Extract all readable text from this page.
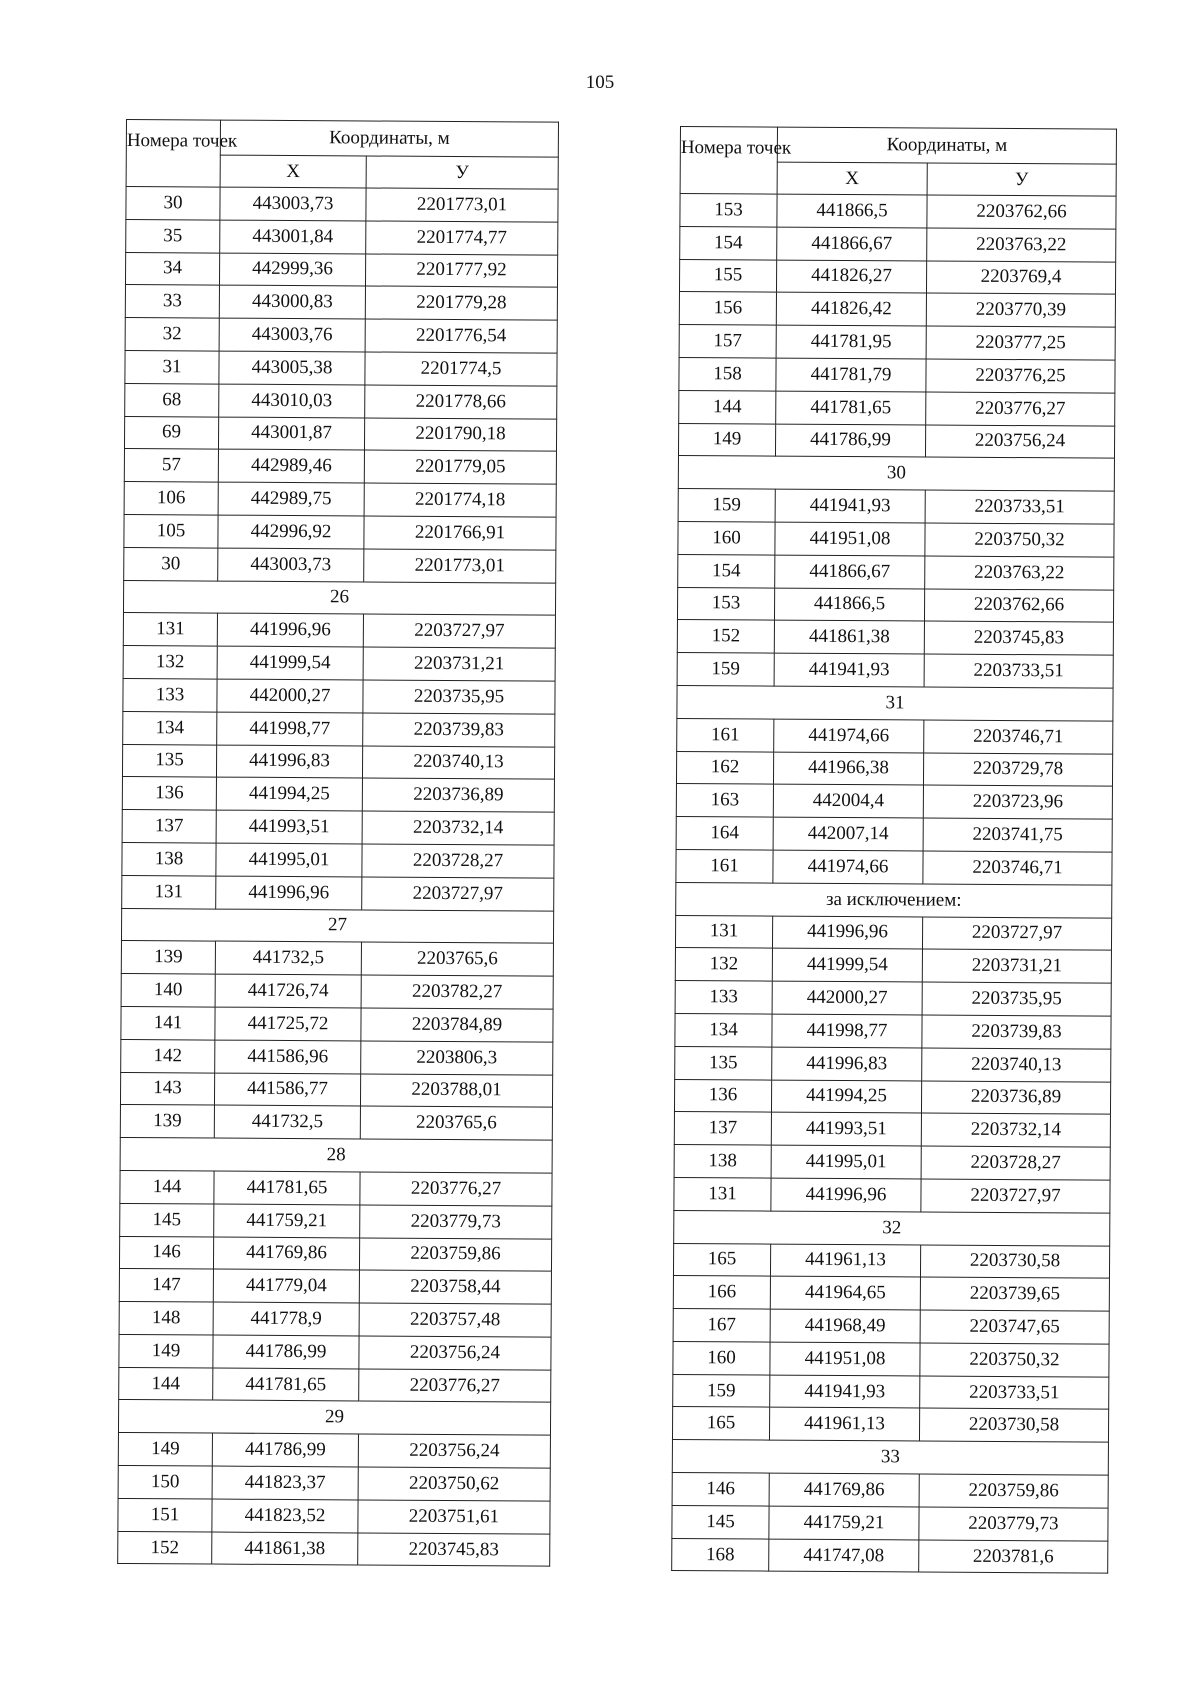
105
Номера точек	Координаты, м	
	X	У
30	443003,73	2201773,01
35	443001,84	2201774,77
34	442999,36	2201777,92
33	443000,83	2201779,28
32	443003,76	2201776,54
31	443005,38	2201774,5
68	443010,03	2201778,66
69	443001,87	2201790,18
57	442989,46	2201779,05
106	442989,75	2201774,18
105	442996,92	2201766,91
30	443003,73	2201773,01
26		
131	441996,96	2203727,97
132	441999,54	2203731,21
133	442000,27	2203735,95
134	441998,77	2203739,83
135	441996,83	2203740,13
136	441994,25	2203736,89
137	441993,51	2203732,14
138	441995,01	2203728,27
131	441996,96	2203727,97
27		
139	441732,5	2203765,6
140	441726,74	2203782,27
141	441725,72	2203784,89
142	441586,96	2203806,3
143	441586,77	2203788,01
139	441732,5	2203765,6
28		
144	441781,65	2203776,27
145	441759,21	2203779,73
146	441769,86	2203759,86
147	441779,04	2203758,44
148	441778,9	2203757,48
149	441786,99	2203756,24
144	441781,65	2203776,27
29		
149	441786,99	2203756,24
150	441823,37	2203750,62
151	441823,52	2203751,61
152	441861,38	2203745,83
Номера точек	Координаты, м	
	X	У
153	441866,5	2203762,66
154	441866,67	2203763,22
155	441826,27	2203769,4
156	441826,42	2203770,39
157	441781,95	2203777,25
158	441781,79	2203776,25
144	441781,65	2203776,27
149	441786,99	2203756,24
30		
159	441941,93	2203733,51
160	441951,08	2203750,32
154	441866,67	2203763,22
153	441866,5	2203762,66
152	441861,38	2203745,83
159	441941,93	2203733,51
31		
161	441974,66	2203746,71
162	441966,38	2203729,78
163	442004,4	2203723,96
164	442007,14	2203741,75
161	441974,66	2203746,71
за исключением:		
131	441996,96	2203727,97
132	441999,54	2203731,21
133	442000,27	2203735,95
134	441998,77	2203739,83
135	441996,83	2203740,13
136	441994,25	2203736,89
137	441993,51	2203732,14
138	441995,01	2203728,27
131	441996,96	2203727,97
32		
165	441961,13	2203730,58
166	441964,65	2203739,65
167	441968,49	2203747,65
160	441951,08	2203750,32
159	441941,93	2203733,51
165	441961,13	2203730,58
33		
146	441769,86	2203759,86
145	441759,21	2203779,73
168	441747,08	2203781,6
